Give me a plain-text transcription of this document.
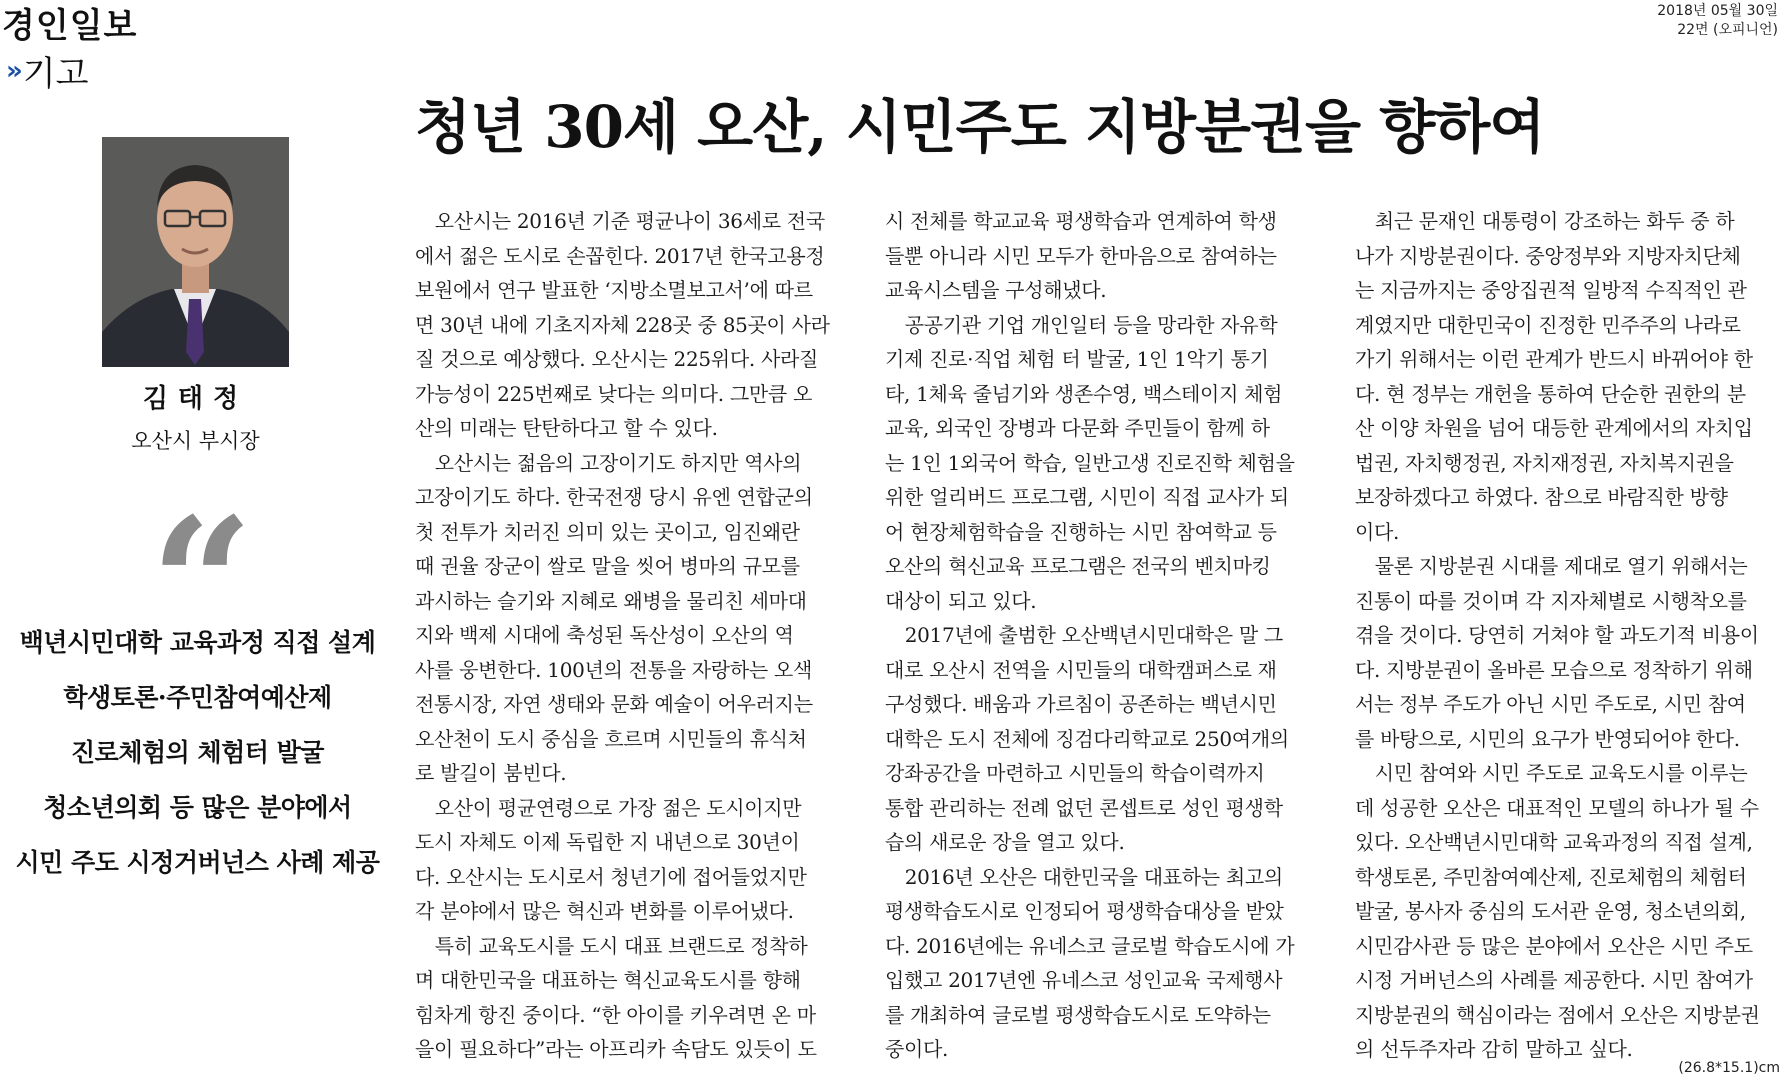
경인일보
» 기고
2018년 05월 30일
22면 (오피니언)
청년 30세 오산, 시민주도 지방분권을 향하여
김태정
오산시 부시장
“
백년시민대학 교육과정 직접 설계
학생토론·주민참여예산제
진로체험의 체험터 발굴
청소년의회 등 많은 분야에서
시민 주도 시정거버넌스 사례 제공

　오산시는 2016년 기준 평균나이 36세로 전국

에서 젊은 도시로 손꼽힌다. 2017년 한국고용정

보원에서 연구 발표한 ‘지방소멸보고서’에 따르

면 30년 내에 기초지자체 228곳 중 85곳이 사라

질 것으로 예상했다. 오산시는 225위다. 사라질

가능성이 225번째로 낮다는 의미다. 그만큼 오

산의 미래는 탄탄하다고 할 수 있다.

　오산시는 젊음의 고장이기도 하지만 역사의

고장이기도 하다. 한국전쟁 당시 유엔 연합군의

첫 전투가 치러진 의미 있는 곳이고, 임진왜란

때 권율 장군이 쌀로 말을 씻어 병마의 규모를

과시하는 슬기와 지혜로 왜병을 물리친 세마대

지와 백제 시대에 축성된 독산성이 오산의 역

사를 웅변한다. 100년의 전통을 자랑하는 오색

전통시장, 자연 생태와 문화 예술이 어우러지는

오산천이 도시 중심을 흐르며 시민들의 휴식처

로 발길이 붐빈다.

　오산이 평균연령으로 가장 젊은 도시이지만

도시 자체도 이제 독립한 지 내년으로 30년이

다. 오산시는 도시로서 청년기에 접어들었지만

각 분야에서 많은 혁신과 변화를 이루어냈다.

　특히 교육도시를 도시 대표 브랜드로 정착하

며 대한민국을 대표하는 혁신교육도시를 향해

힘차게 항진 중이다. “한 아이를 키우려면 온 마

을이 필요하다”라는 아프리카 속담도 있듯이 도

시 전체를 학교교육 평생학습과 연계하여 학생

들뿐 아니라 시민 모두가 한마음으로 참여하는

교육시스템을 구성해냈다.

　공공기관 기업 개인일터 등을 망라한 자유학

기제 진로·직업 체험 터 발굴, 1인 1악기 통기

타, 1체육 줄넘기와 생존수영, 백스테이지 체험

교육, 외국인 장병과 다문화 주민들이 함께 하

는 1인 1외국어 학습, 일반고생 진로진학 체험을

위한 얼리버드 프로그램, 시민이 직접 교사가 되

어 현장체험학습을 진행하는 시민 참여학교 등

오산의 혁신교육 프로그램은 전국의 벤치마킹

대상이 되고 있다.

　2017년에 출범한 오산백년시민대학은 말 그

대로 오산시 전역을 시민들의 대학캠퍼스로 재

구성했다. 배움과 가르침이 공존하는 백년시민

대학은 도시 전체에 징검다리학교로 250여개의

강좌공간을 마련하고 시민들의 학습이력까지

통합 관리하는 전례 없던 콘셉트로 성인 평생학

습의 새로운 장을 열고 있다.

　2016년 오산은 대한민국을 대표하는 최고의

평생학습도시로 인정되어 평생학습대상을 받았

다. 2016년에는 유네스코 글로벌 학습도시에 가

입했고 2017년엔 유네스코 성인교육 국제행사

를 개최하여 글로벌 평생학습도시로 도약하는

중이다.

　최근 문재인 대통령이 강조하는 화두 중 하

나가 지방분권이다. 중앙정부와 지방자치단체

는 지금까지는 중앙집권적 일방적 수직적인 관

계였지만 대한민국이 진정한 민주주의 나라로

가기 위해서는 이런 관계가 반드시 바뀌어야 한

다. 현 정부는 개헌을 통하여 단순한 권한의 분

산 이양 차원을 넘어 대등한 관계에서의 자치입

법권, 자치행정권, 자치재정권, 자치복지권을

보장하겠다고 하였다. 참으로 바람직한 방향

이다.

　물론 지방분권 시대를 제대로 열기 위해서는

진통이 따를 것이며 각 지자체별로 시행착오를

겪을 것이다. 당연히 거쳐야 할 과도기적 비용이

다. 지방분권이 올바른 모습으로 정착하기 위해

서는 정부 주도가 아닌 시민 주도로, 시민 참여

를 바탕으로, 시민의 요구가 반영되어야 한다.

　시민 참여와 시민 주도로 교육도시를 이루는

데 성공한 오산은 대표적인 모델의 하나가 될 수

있다. 오산백년시민대학 교육과정의 직접 설계,

학생토론, 주민참여예산제, 진로체험의 체험터

발굴, 봉사자 중심의 도서관 운영, 청소년의회,

시민감사관 등 많은 분야에서 오산은 시민 주도

시정 거버넌스의 사례를 제공한다. 시민 참여가

지방분권의 핵심이라는 점에서 오산은 지방분권

의 선두주자라 감히 말하고 싶다.

(26.8*15.1)cm
